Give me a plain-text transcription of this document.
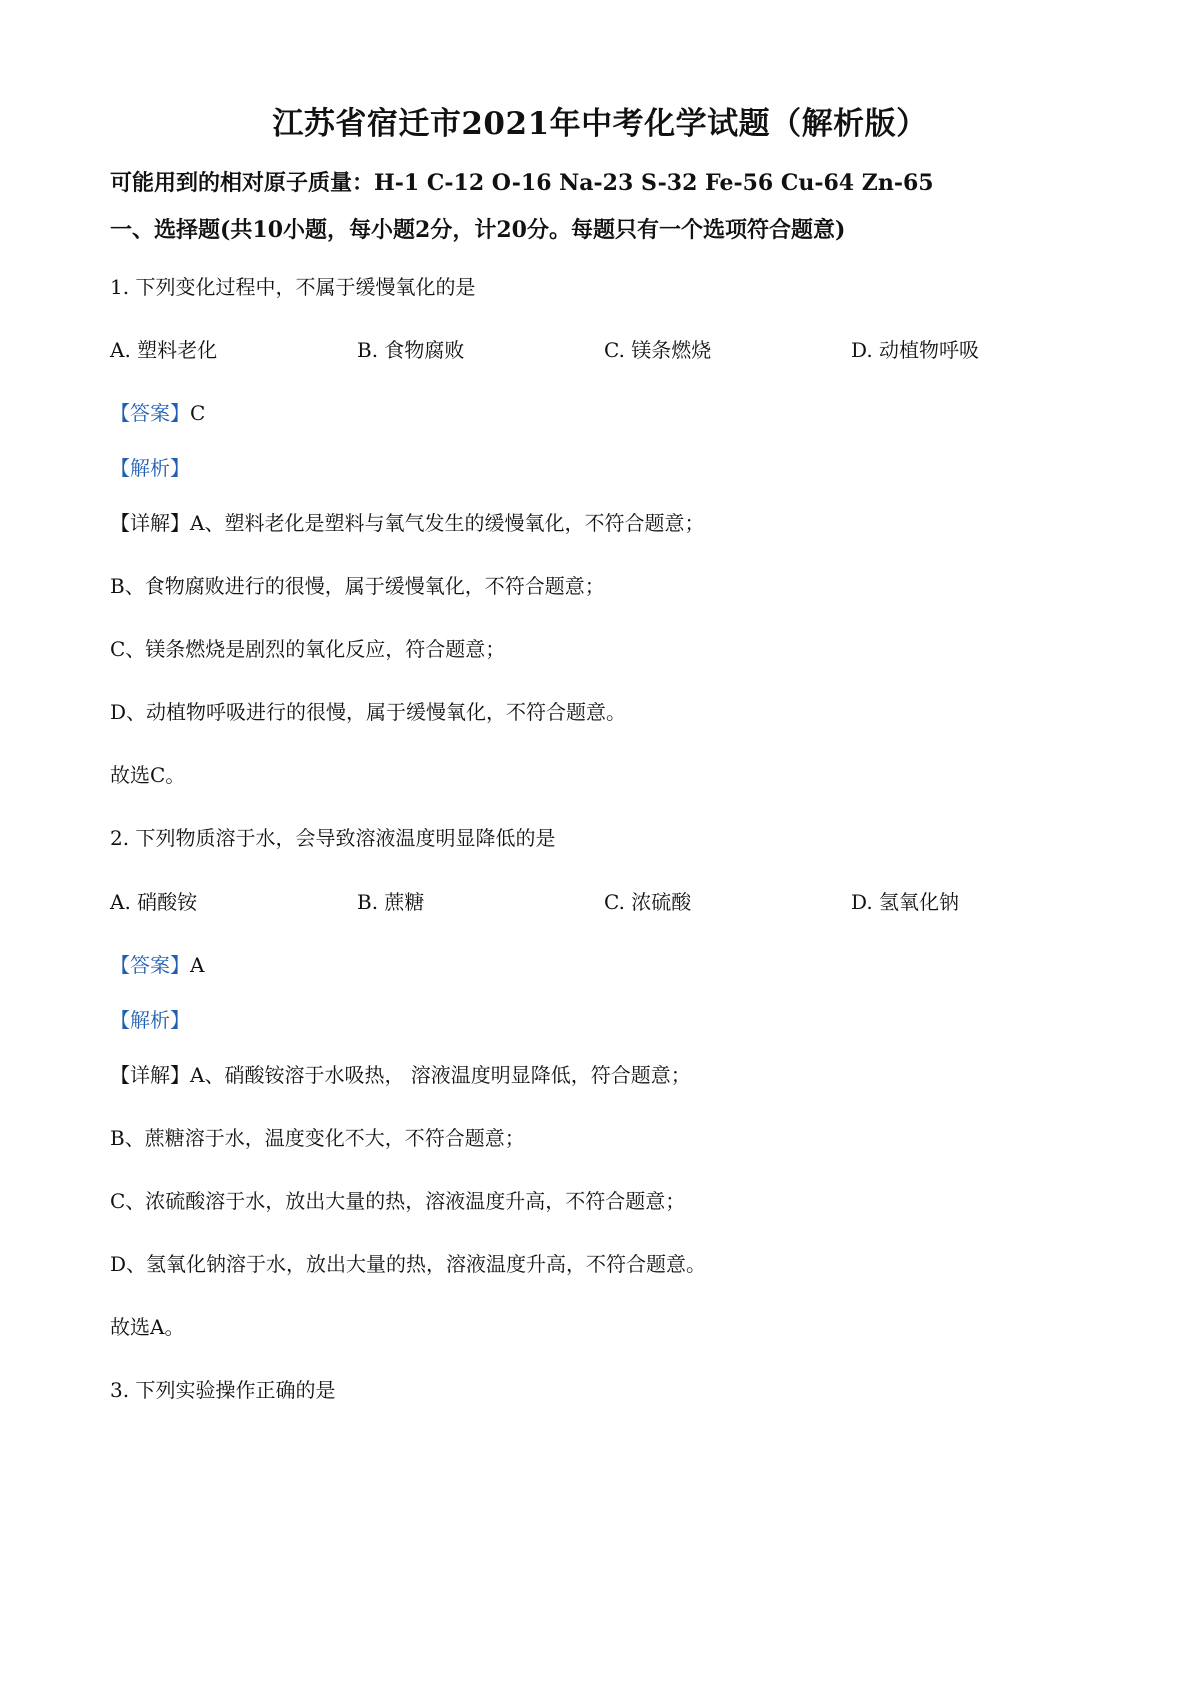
江苏省宿迁市2021年中考化学试题（解析版）
可能用到的相对原子质量：H-1 C-12 O-16 Na-23 S-32 Fe-56 Cu-64 Zn-65
一、选择题(共10小题，每小题2分，计20分。每题只有一个选项符合题意)
1. 下列变化过程中，不属于缓慢氧化的是
A. 塑料老化	B. 食物腐败	C. 镁条燃烧	D. 动植物呼吸
【答案】C
【解析】
【详解】A、塑料老化是塑料与氧气发生的缓慢氧化，不符合题意；
B、食物腐败进行的很慢，属于缓慢氧化，不符合题意；
C、镁条燃烧是剧烈的氧化反应，符合题意；
D、动植物呼吸进行的很慢，属于缓慢氧化，不符合题意。
故选C。
2. 下列物质溶于水，会导致溶液温度明显降低的是
A. 硝酸铵	B. 蔗糖	C. 浓硫酸	D. 氢氧化钠
【答案】A
【解析】
【详解】A、硝酸铵溶于水吸热， 溶液温度明显降低，符合题意；
B、蔗糖溶于水，温度变化不大，不符合题意；
C、浓硫酸溶于水，放出大量的热，溶液温度升高，不符合题意；
D、氢氧化钠溶于水，放出大量的热，溶液温度升高，不符合题意。
故选A。
3. 下列实验操作正确的是
